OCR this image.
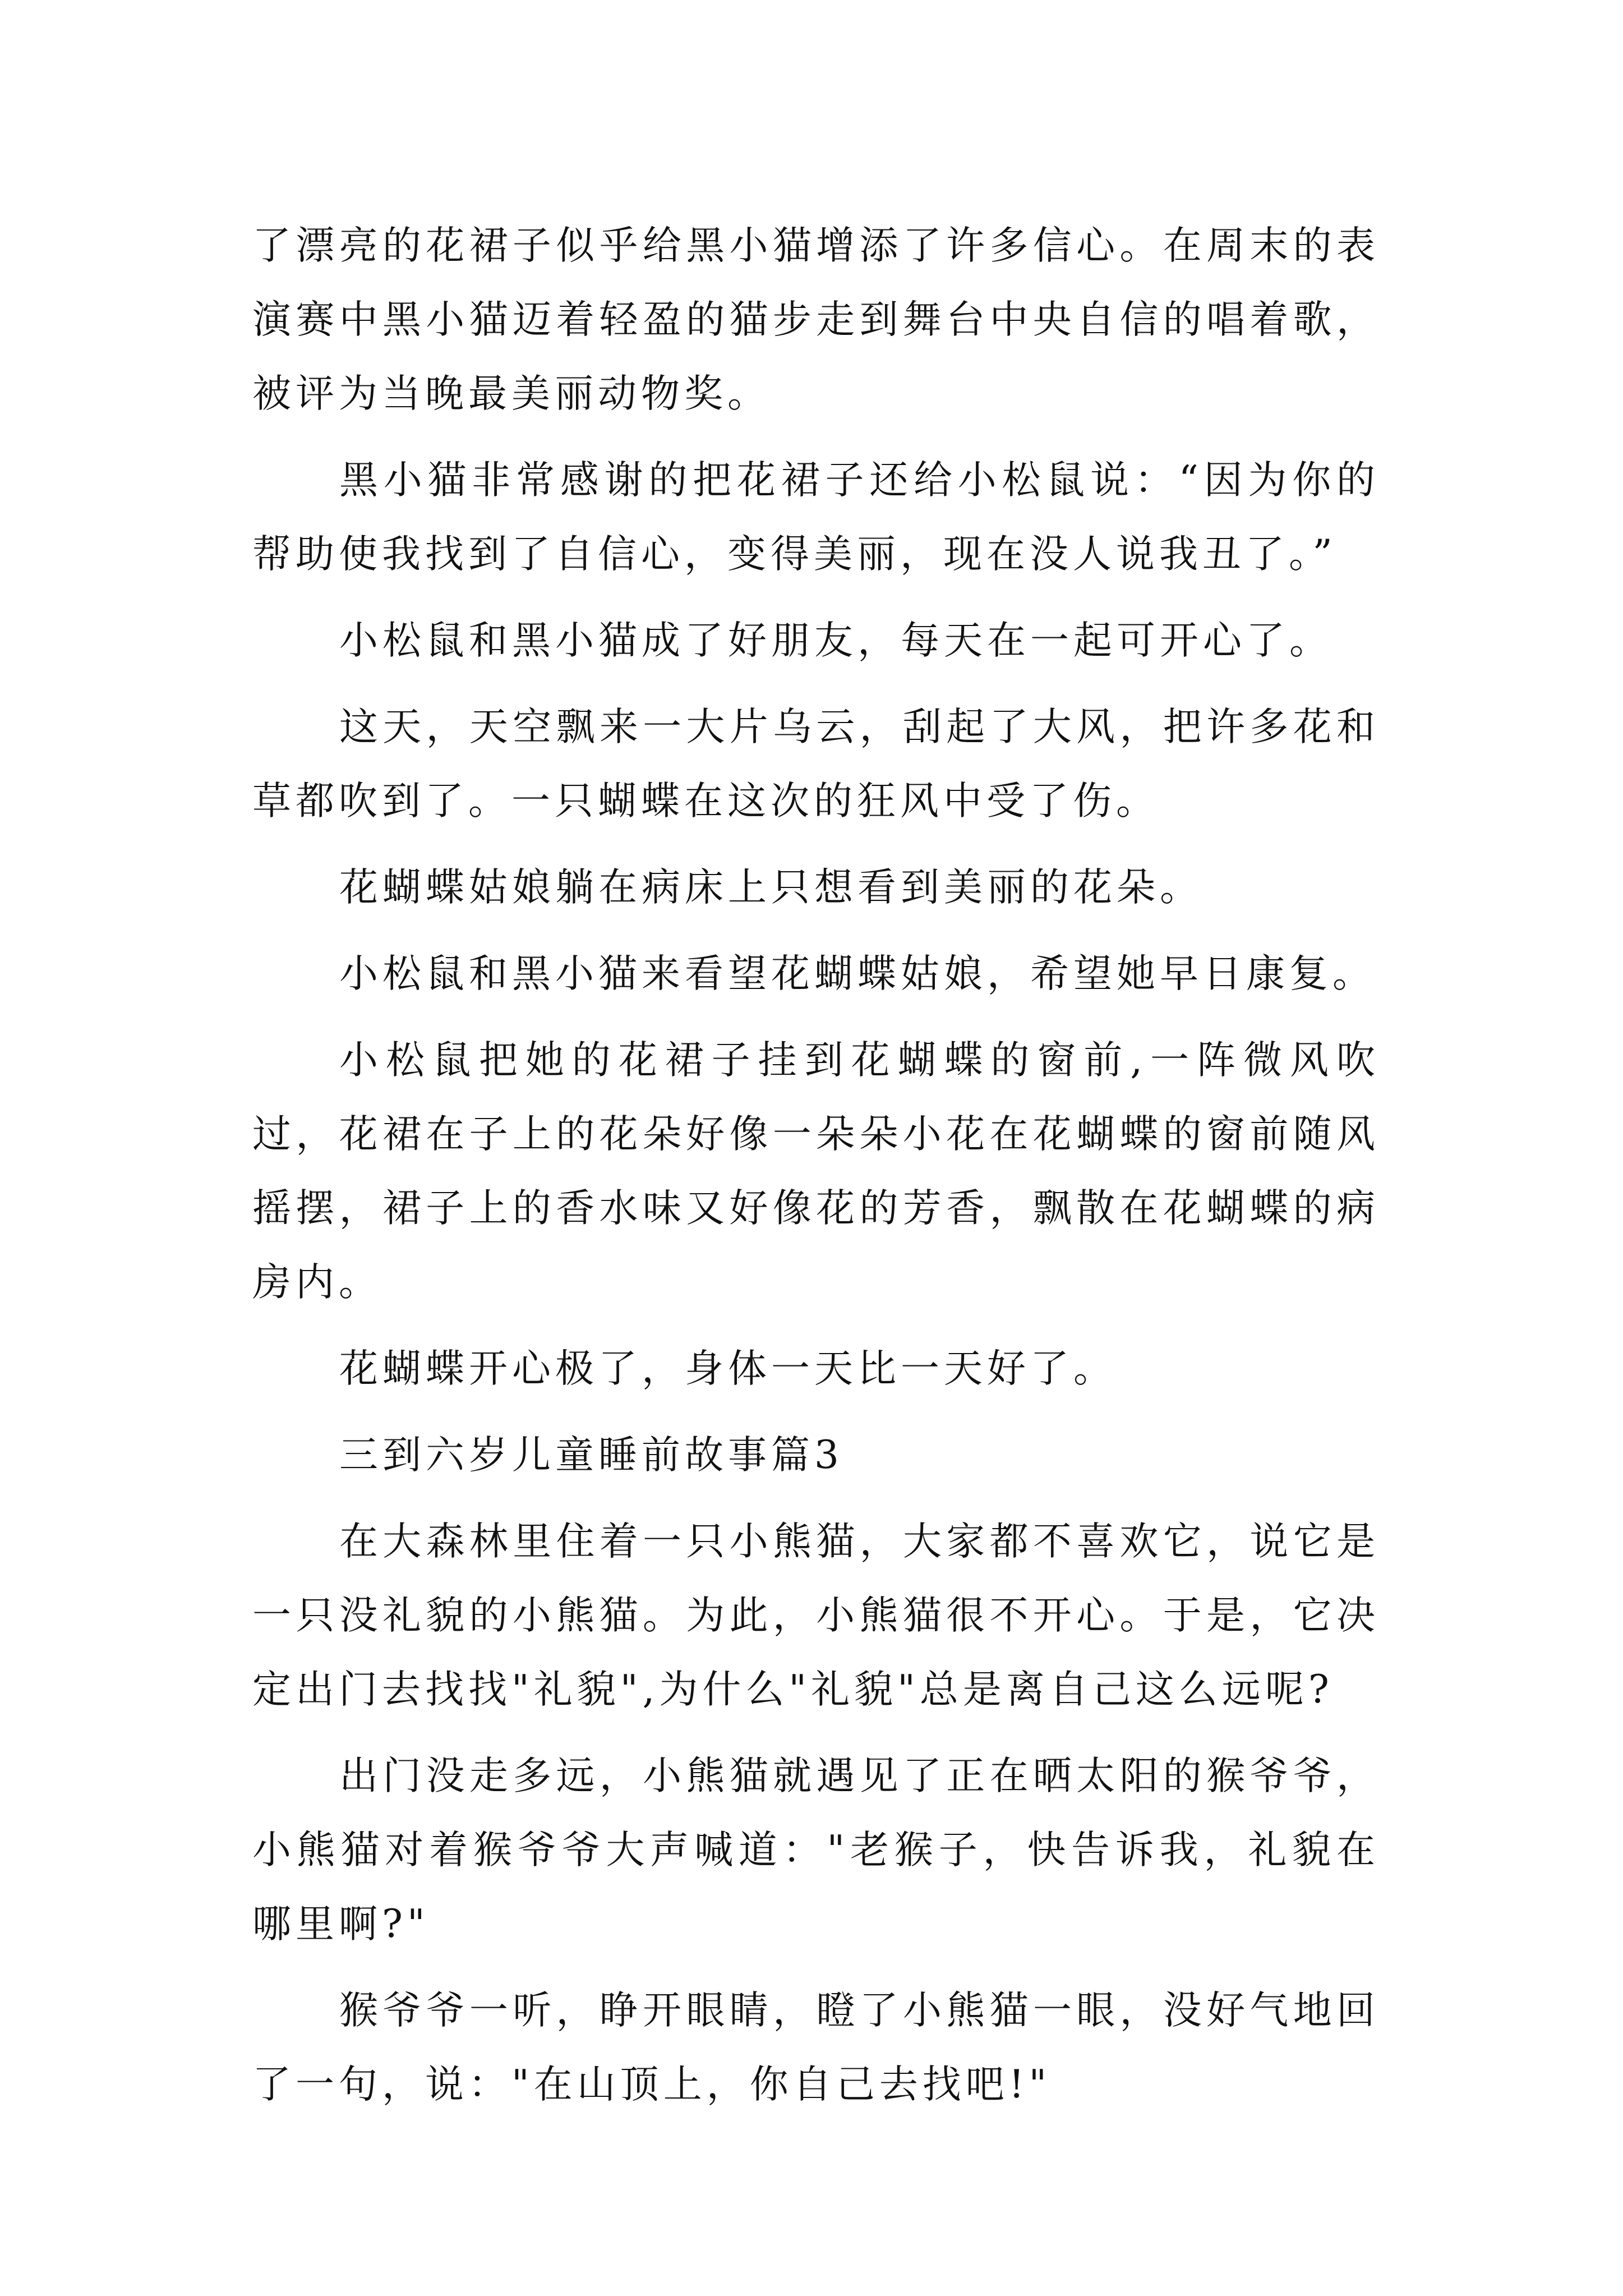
了漂亮的花裙子似乎给黑小猫增添了许多信心。在周末的表演赛中黑小猫迈着轻盈的猫步走到舞台中央自信的唱着歌，被评为当晚最美丽动物奖。

黑小猫非常感谢的把花裙子还给小松鼠说：“因为你的帮助使我找到了自信心，变得美丽，现在没人说我丑了。”

小松鼠和黑小猫成了好朋友，每天在一起可开心了。

这天，天空飘来一大片乌云，刮起了大风，把许多花和草都吹到了。一只蝴蝶在这次的狂风中受了伤。

花蝴蝶姑娘躺在病床上只想看到美丽的花朵。

小松鼠和黑小猫来看望花蝴蝶姑娘，希望她早日康复。

小松鼠把她的花裙子挂到花蝴蝶的窗前,一阵微风吹过，花裙在子上的花朵好像一朵朵小花在花蝴蝶的窗前随风摇摆，裙子上的香水味又好像花的芳香，飘散在花蝴蝶的病房内。

花蝴蝶开心极了，身体一天比一天好了。

三到六岁儿童睡前故事篇3

在大森林里住着一只小熊猫，大家都不喜欢它，说它是一只没礼貌的小熊猫。为此，小熊猫很不开心。于是，它决定出门去找找"礼貌",为什么"礼貌"总是离自己这么远呢?

出门没走多远，小熊猫就遇见了正在晒太阳的猴爷爷，小熊猫对着猴爷爷大声喊道："老猴子，快告诉我，礼貌在哪里啊?"

猴爷爷一听，睁开眼睛，瞪了小熊猫一眼，没好气地回了一句，说："在山顶上，你自己去找吧!"
